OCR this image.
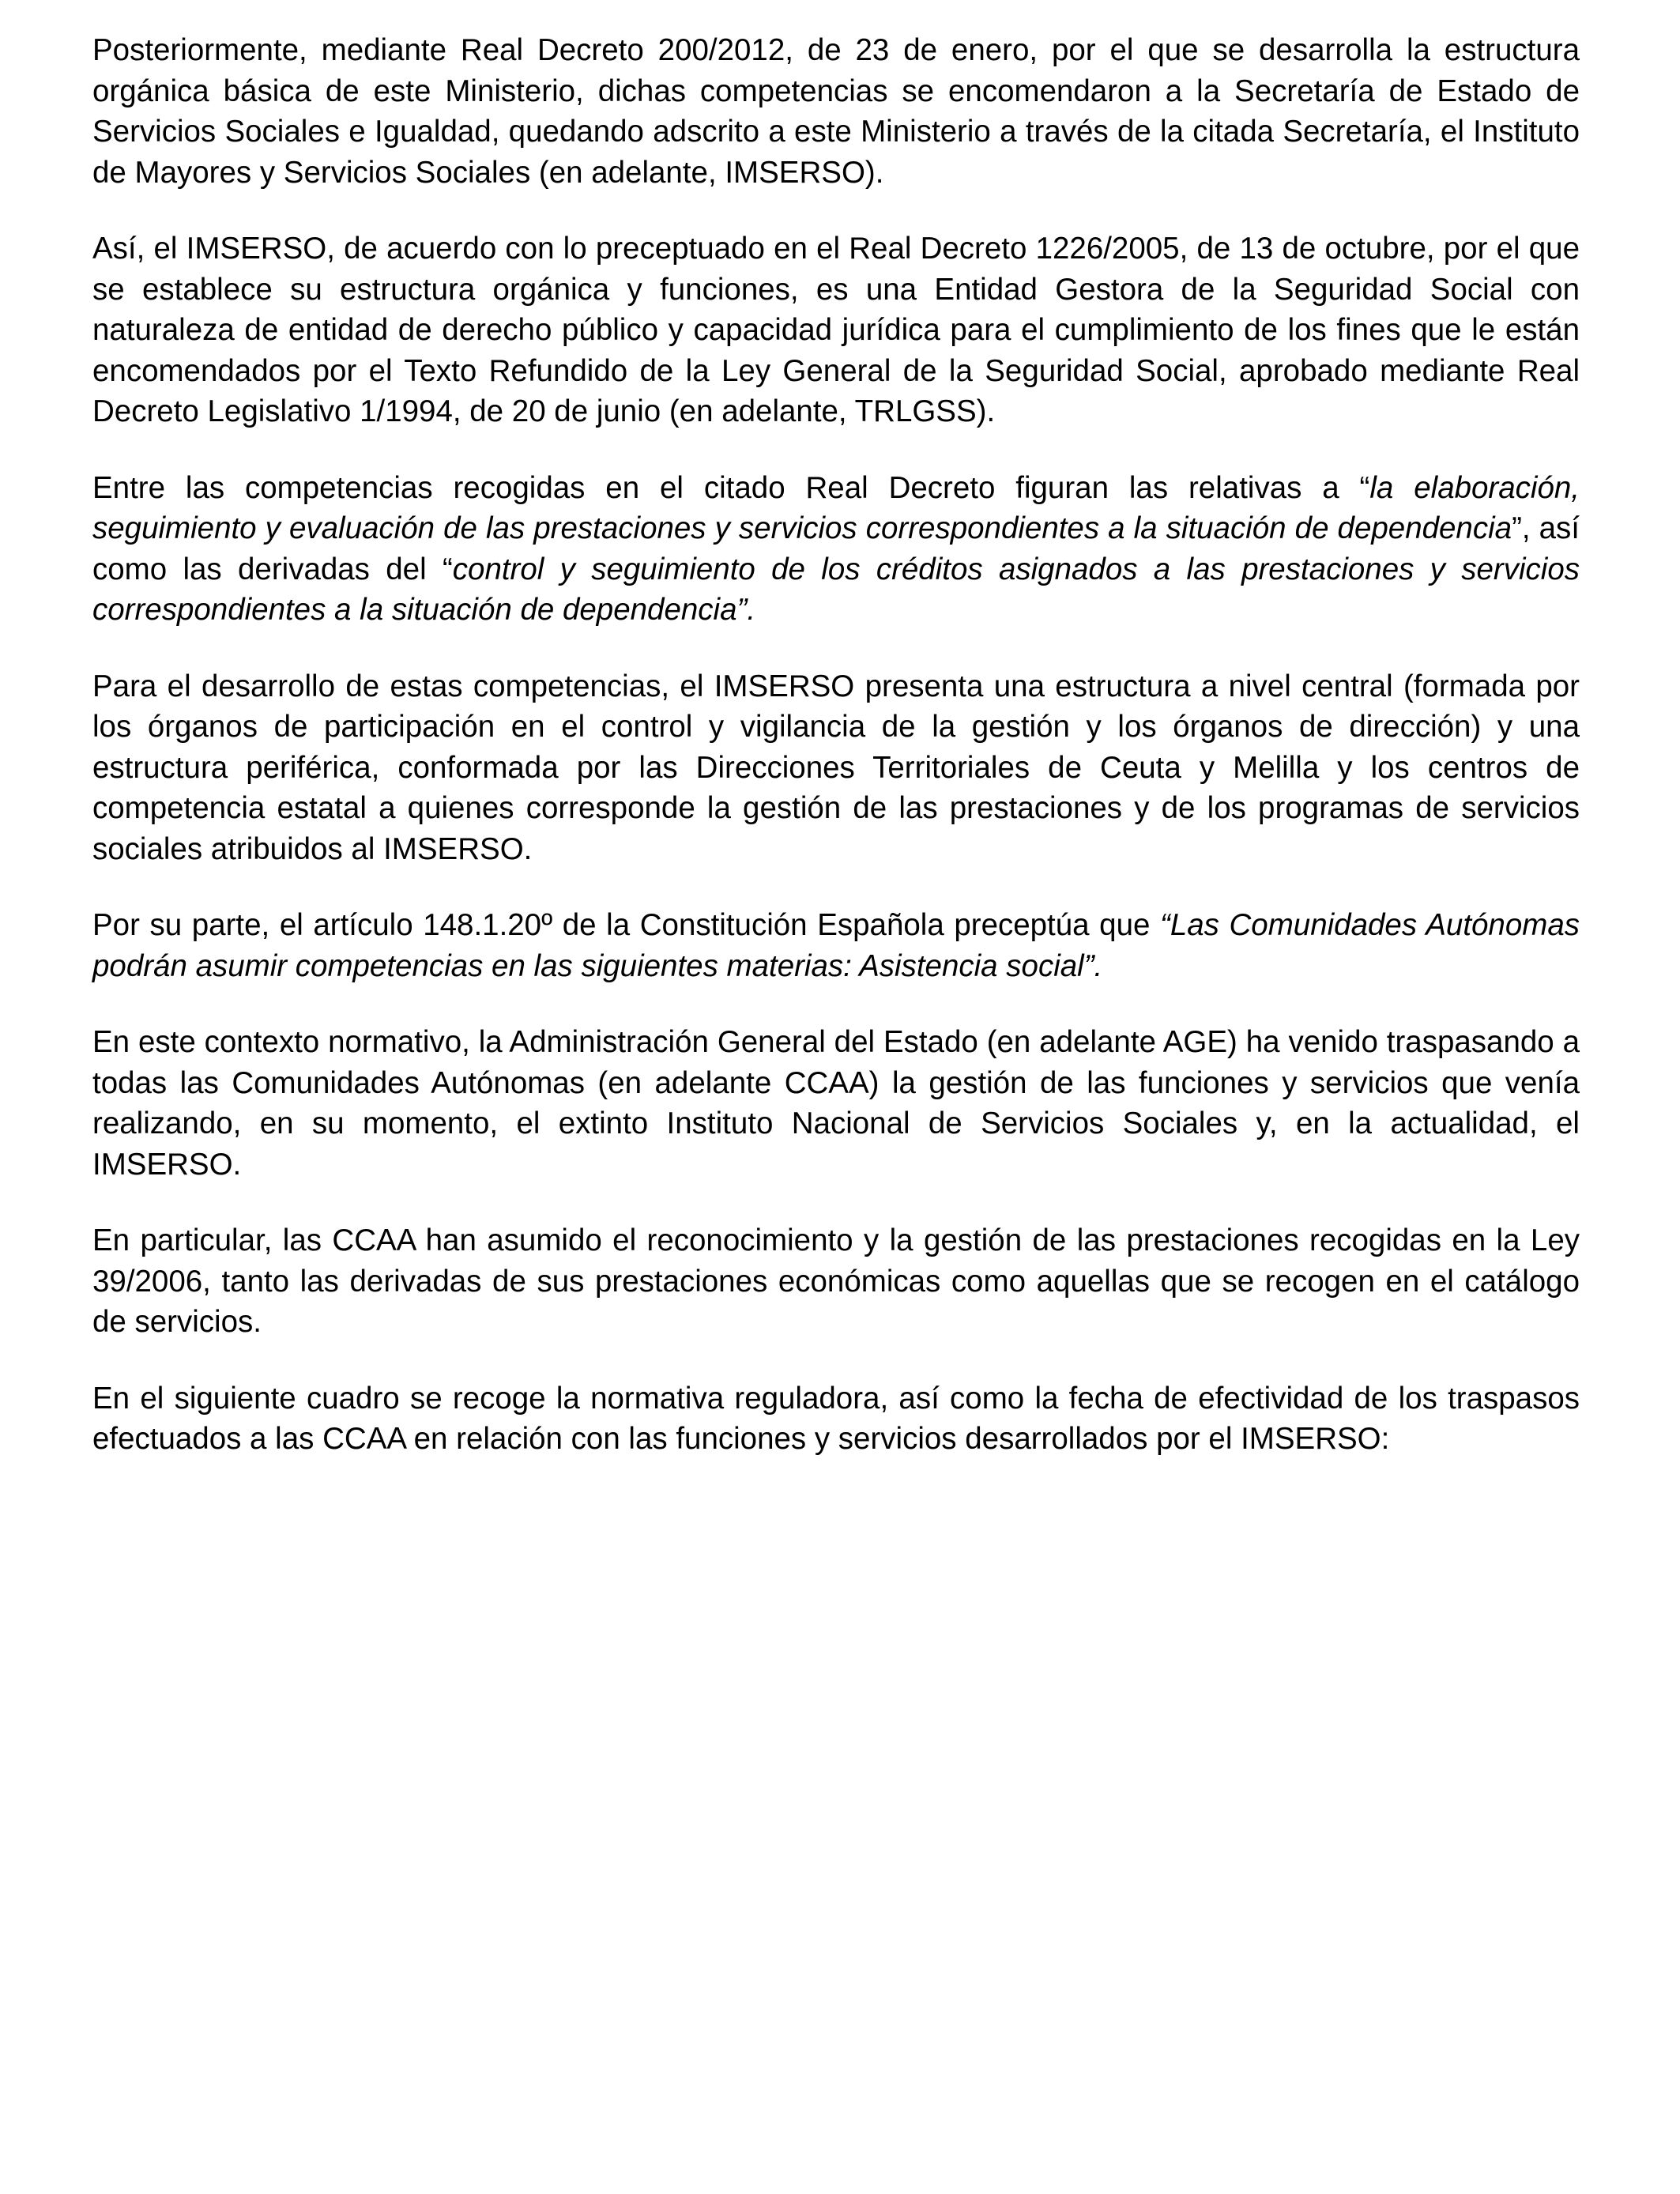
Posteriormente, mediante Real Decreto 200/2012, de 23 de enero, por el que se desarrolla la estructura orgánica básica de este Ministerio, dichas competencias se encomendaron a la Secretaría de Estado de Servicios Sociales e Igualdad, quedando adscrito a este Ministerio a través de la citada Secretaría, el Instituto de Mayores y Servicios Sociales (en adelante, IMSERSO).

Así, el IMSERSO, de acuerdo con lo preceptuado en el Real Decreto 1226/2005, de 13 de octubre, por el que se establece su estructura orgánica y funciones, es una Entidad Gestora de la Seguridad Social con naturaleza de entidad de derecho público y capacidad jurídica para el cumplimiento de los fines que le están encomendados por el Texto Refundido de la Ley General de la Seguridad Social, aprobado mediante Real Decreto Legislativo 1/1994, de 20 de junio (en adelante, TRLGSS).

Entre las competencias recogidas en el citado Real Decreto figuran las relativas a “la elaboración, seguimiento y evaluación de las prestaciones y servicios correspondientes a la situación de dependencia”, así como las derivadas del “control y seguimiento de los créditos asignados a las prestaciones y servicios correspondientes a la situación de dependencia”.

Para el desarrollo de estas competencias, el IMSERSO presenta una estructura a nivel central (formada por los órganos de participación en el control y vigilancia de la gestión y los órganos de dirección) y una estructura periférica, conformada por las Direcciones Territoriales de Ceuta y Melilla y los centros de competencia estatal a quienes corresponde la gestión de las prestaciones y de los programas de servicios sociales atribuidos al IMSERSO.

Por su parte, el artículo 148.1.20º de la Constitución Española preceptúa que “Las Comunidades Autónomas podrán asumir competencias en las siguientes materias: Asistencia social”.

En este contexto normativo, la Administración General del Estado (en adelante AGE) ha venido traspasando a todas las Comunidades Autónomas (en adelante CCAA) la gestión de las funciones y servicios que venía realizando, en su momento, el extinto Instituto Nacional de Servicios Sociales y, en la actualidad, el IMSERSO.

En particular, las CCAA han asumido el reconocimiento y la gestión de las prestaciones recogidas en la Ley 39/2006, tanto las derivadas de sus prestaciones económicas como aquellas que se recogen en el catálogo de servicios.

En el siguiente cuadro se recoge la normativa reguladora, así como la fecha de efectividad de los traspasos efectuados a las CCAA en relación con las funciones y servicios desarrollados por el IMSERSO:
